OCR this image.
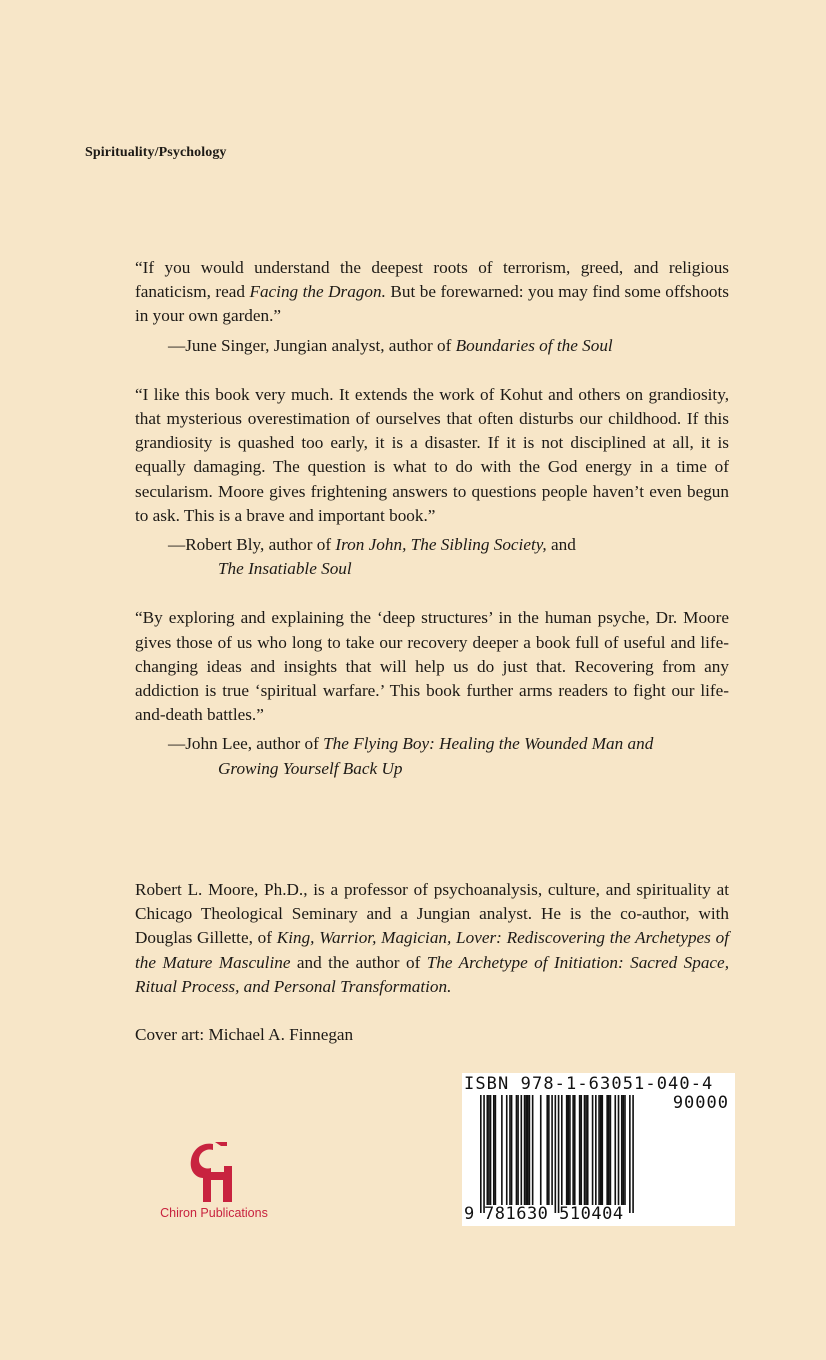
Spirituality/Psychology

“If you would understand the deepest roots of terrorism, greed, and religious fanaticism, read Facing the Dragon. But be forewarned: you may find some offshoots in your own garden.”

—June Singer, Jungian analyst, author of Boundaries of the Soul

“I like this book very much. It extends the work of Kohut and others on grandiosity, that mysterious overestimation of ourselves that often disturbs our childhood. If this grandiosity is quashed too early, it is a disaster. If it is not disciplined at all, it is equally damaging. The question is what to do with the God energy in a time of secularism. Moore gives frightening answers to questions people haven’t even begun to ask. This is a brave and important book.”

—Robert Bly, author of Iron John, The Sibling Society, and

The Insatiable Soul

“By exploring and explaining the ‘deep structures’ in the human psyche, Dr. Moore gives those of us who long to take our recovery deeper a book full of useful and life-changing ideas and insights that will help us do just that. Recovering from any addiction is true ‘spiritual warfare.’ This book further arms readers to fight our life-and-death battles.”

—John Lee, author of The Flying Boy: Healing the Wounded Man and

Growing Yourself Back Up

Robert L. Moore, Ph.D., is a professor of psychoanalysis, culture, and spirituality at Chicago Theological Seminary and a Jungian analyst. He is the co-author, with Douglas Gillette, of King, Warrior, Magician, Lover: Rediscovering the Archetypes of the Mature Masculine and the author of The Archetype of Initiation: Sacred Space, Ritual Process, and Personal Transformation.

Cover art: Michael A. Finnegan
Chiron Publications
ISBN 978-1-63051-040-4
90000
9 781630 510404
